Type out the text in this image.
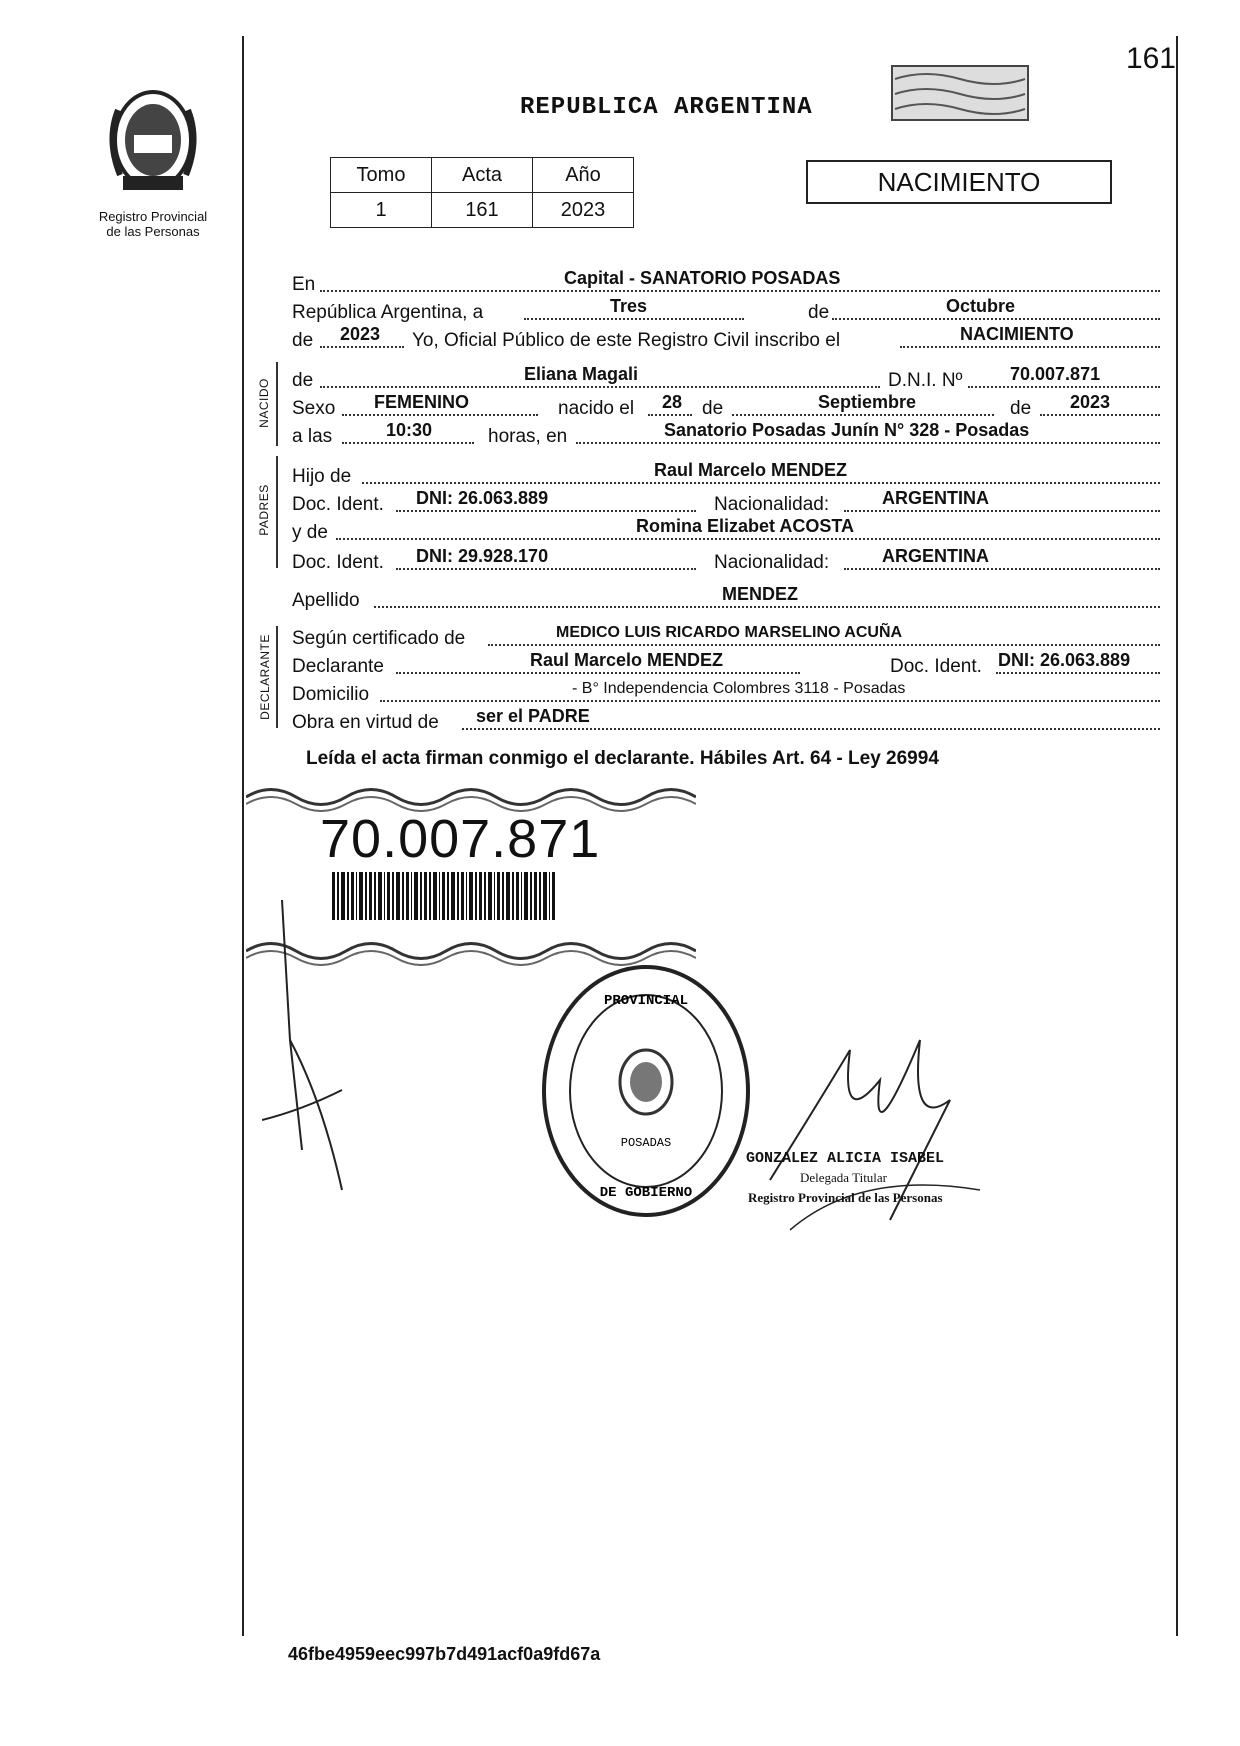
161
Registro Provincial
de las Personas
REPUBLICA ARGENTINA
Tomo	Acta	Año
1	161	2023
NACIMIENTO
En	Capital - SANATORIO POSADAS
República Argentina, a	Tres	de	Octubre
de 2023 Yo, Oficial Público de este Registro Civil inscribo el	NACIMIENTO
NACIDO de	Eliana Magali	D.N.I. Nº	70.007.871
Sexo FEMENINO	nacido el 28 de	Septiembre	de 2023
a las	10:30	horas, en	Sanatorio Posadas Junín N° 328 - Posadas
PADRES
Hijo de	Raul Marcelo MENDEZ
Doc. Ident. DNI: 26.063.889	Nacionalidad:	ARGENTINA
y de	Romina Elizabet ACOSTA
Doc. Ident. DNI: 29.928.170	Nacionalidad:	ARGENTINA
Apellido	MENDEZ
DECLARANTE Según certificado de	MEDICO LUIS RICARDO MARSELINO ACUÑA
Declarante	Raul Marcelo MENDEZ	Doc. Ident. DNI: 26.063.889
Domicilio	- B° Independencia Colombres 3118 - Posadas
Obra en virtud de ser el PADRE
Leída el acta firman conmigo el declarante. Hábiles Art. 64 - Ley 26994
70.007.871
PROVINCIAL
DE GOBIERNO
POSADAS
GONZALEZ ALICIA ISABEL
Delegada Titular
Registro Provincial de las Personas
46fbe4959eec997b7d491acf0a9fd67a
